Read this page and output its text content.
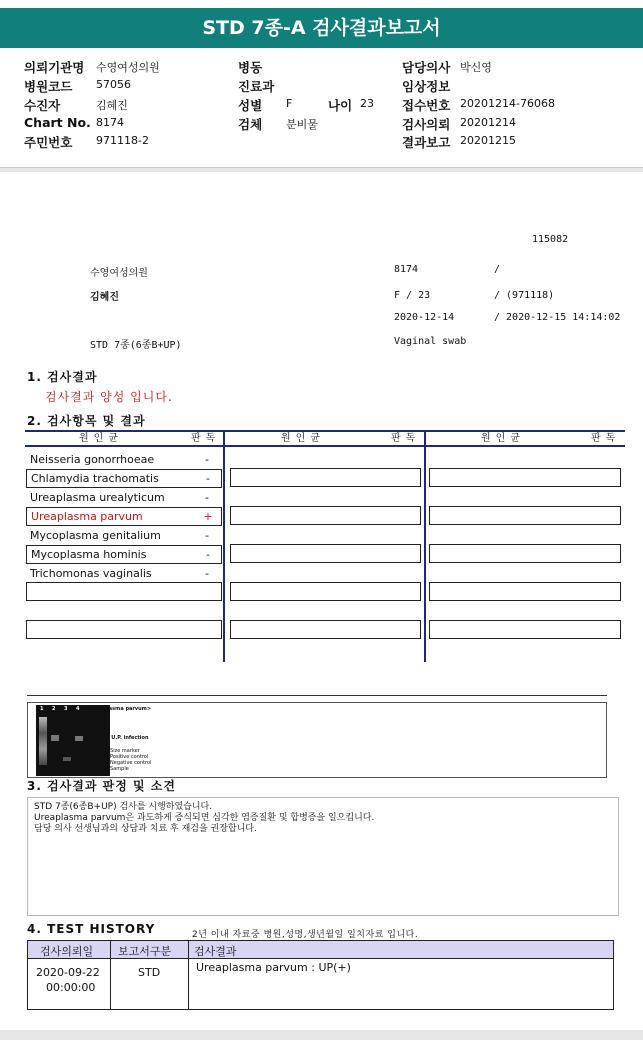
STD 7종-A 검사결과보고서
의뢰기관명 수영여성의원
병원코드 57056
수진자	김혜진
Chart No. 8174
주민번호 971118-2
병동
진료과
성별 F	나이 23
검체 분비물
담당의사 박신영
임상정보
접수번호 20201214-76068
검사의뢰 20201214
결과보고 20201215
115082
수영여성의원	8174	/
김혜진	F / 23	/ (971118)
2020-12-14	/ 2020-12-15 14:14:02
STD 7종(6종B+UP)	Vaginal swab
1. 검사결과
검사결과 양성 입니다.
2. 검사항목 및 결과
원인균	판독	원인균	판독	원인균	판독
Neisseria gonorrhoeae	-
Chlamydia trachomatis	-
Ureaplasma urealyticum	-
Ureaplasma parvum	+
Mycoplasma genitalium	-
Mycoplasma hominis	-
Trichomonas vaginalis	-
1 2 3 4 <Ureaplasma parvum>
← 553bp U.P. infection
Lane 1. Size marker
Lane 2. Positive control
Lane 3. Negative control
Lane 4. Sample
3. 검사결과 판정 및 소견
STD 7종(6종B+UP) 검사를 시행하였습니다.
Ureaplasma parvum은 과도하게 증식되면 심각한 염증질환 및 합병증을 일으킵니다.
담당 의사 선생님과의 상담과 치료 후 재검을 권장합니다.
4. TEST HISTORY	2년 이내 자료중 병원,성명,생년월일 일치자료 입니다.
검사의뢰일 보고서구분 검사결과
2020-09-22
00:00:00
STD	Ureaplasma parvum : UP(+)
